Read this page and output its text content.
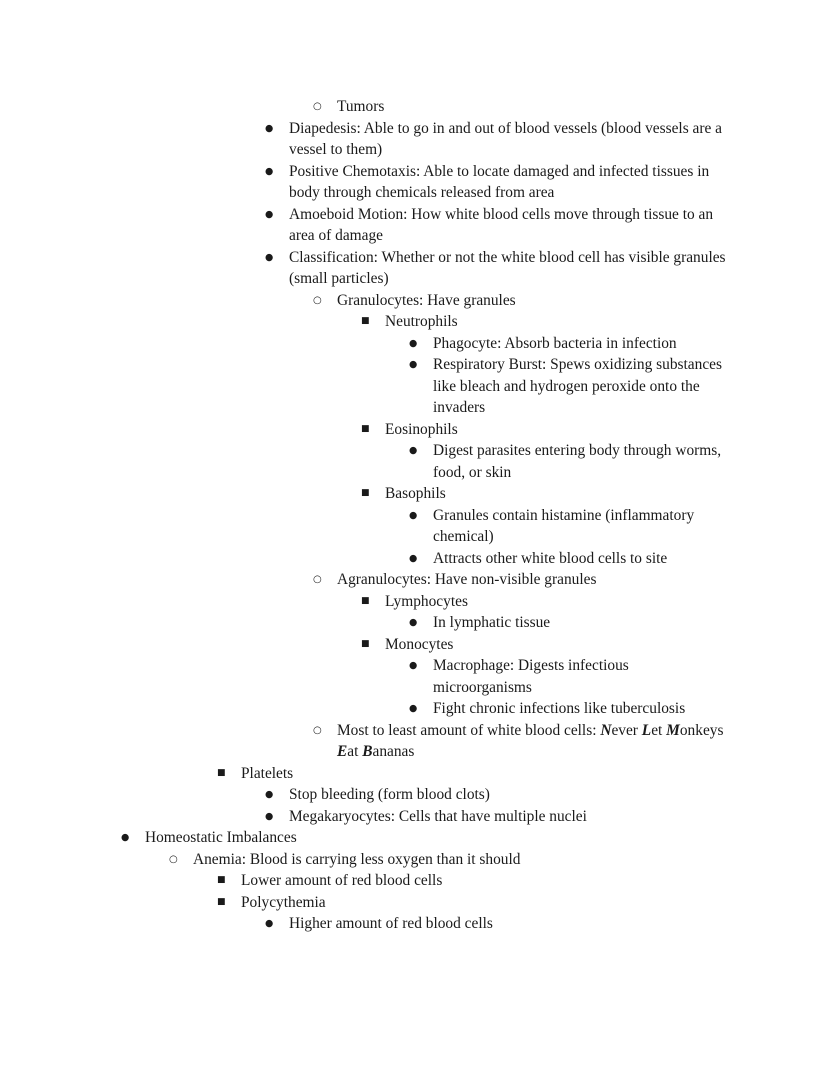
○ Tumors
●	Diapedesis: Able to go in and out of blood vessels (blood vessels are a vessel to them)
●	Positive Chemotaxis: Able to locate damaged and infected tissues in body through chemicals released from area
●	Amoeboid Motion: How white blood cells move through tissue to an area of damage
●	Classification: Whether or not the white blood cell has visible granules (small particles)
○ Granulocytes: Have granules
■	Neutrophils
●	Phagocyte: Absorb bacteria in infection
●	Respiratory Burst: Spews oxidizing substances like bleach and hydrogen peroxide onto the invaders
■	Eosinophils
●	Digest parasites entering body through worms, food, or skin
■	Basophils
●	Granules contain histamine (inflammatory chemical)
●	Attracts other white blood cells to site
○ Agranulocytes: Have non-visible granules
■	Lymphocytes
●	In lymphatic tissue
■	Monocytes
●	Macrophage: Digests infectious microorganisms
●	Fight chronic infections like tuberculosis
○ Most to least amount of white blood cells: Never Let Monkeys Eat Bananas
■	Platelets
●	Stop bleeding (form blood clots)
●	Megakaryocytes: Cells that have multiple nuclei
●	Homeostatic Imbalances
○ Anemia: Blood is carrying less oxygen than it should
■	Lower amount of red blood cells
■	Polycythemia
●	Higher amount of red blood cells
